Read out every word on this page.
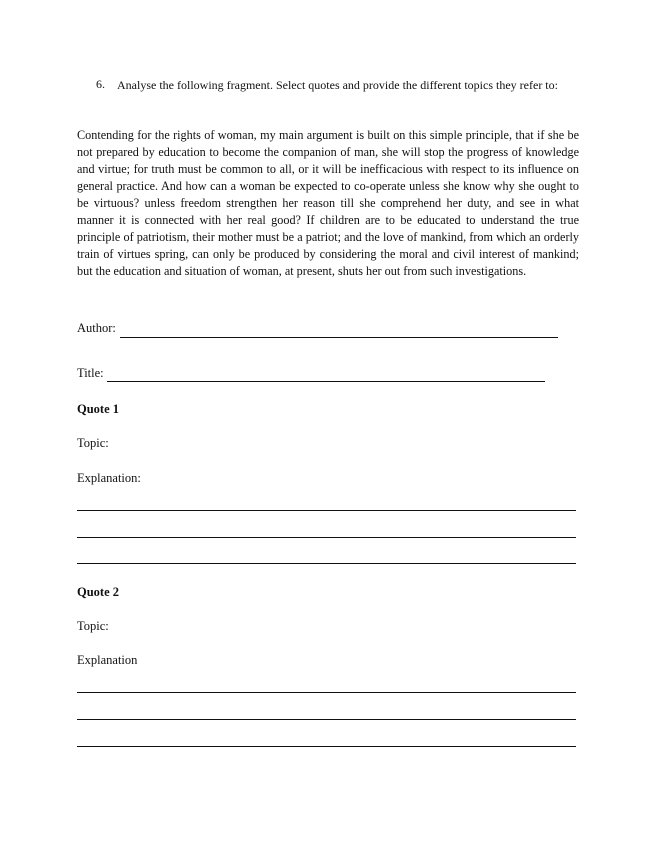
6. Analyse the following fragment. Select quotes and provide the different topics they refer to:
Contending for the rights of woman, my main argument is built on this simple principle, that if she be not prepared by education to become the companion of man, she will stop the progress of knowledge and virtue; for truth must be common to all, or it will be inefficacious with respect to its influence on general practice. And how can a woman be expected to co-operate unless she know why she ought to be virtuous? unless freedom strengthen her reason till she comprehend her duty, and see in what manner it is connected with her real good? If children are to be educated to understand the true principle of patriotism, their mother must be a patriot; and the love of mankind, from which an orderly train of virtues spring, can only be produced by considering the moral and civil interest of mankind; but the education and situation of woman, at present, shuts her out from such investigations.
Author:
Title:
Quote 1
Topic:
Explanation:
Quote 2
Topic:
Explanation
